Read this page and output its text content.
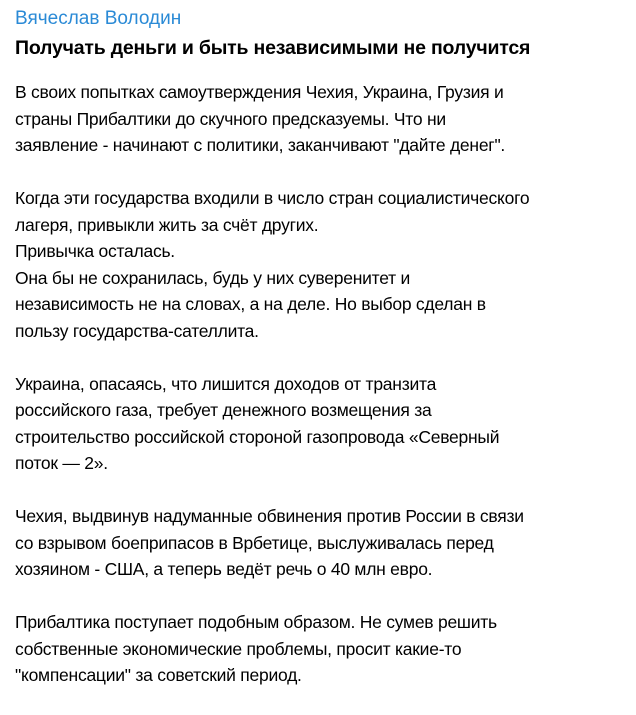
Вячеслав Володин
Получать деньги и быть независимыми не получится

В своих попытках самоутверждения Чехия, Украина, Грузия и
страны Прибалтики до скучного предсказуемы. Что ни
заявление - начинают с политики, заканчивают "дайте денег".

Когда эти государства входили в число стран социалистического
лагеря, привыкли жить за счёт других.
Привычка осталась.
Она бы не сохранилась, будь у них суверенитет и
независимость не на словах, а на деле. Но выбор сделан в
пользу государства-сателлита.

Украина, опасаясь, что лишится доходов от транзита
российского газа, требует денежного возмещения за
строительство российской стороной газопровода «Северный
поток — 2».

Чехия, выдвинув надуманные обвинения против России в связи
со взрывом боеприпасов в Врбетице, выслуживалась перед
хозяином - США, а теперь ведёт речь о 40 млн евро.

Прибалтика поступает подобным образом. Не сумев решить
собственные экономические проблемы, просит какие-то
"компенсации" за советский период.
